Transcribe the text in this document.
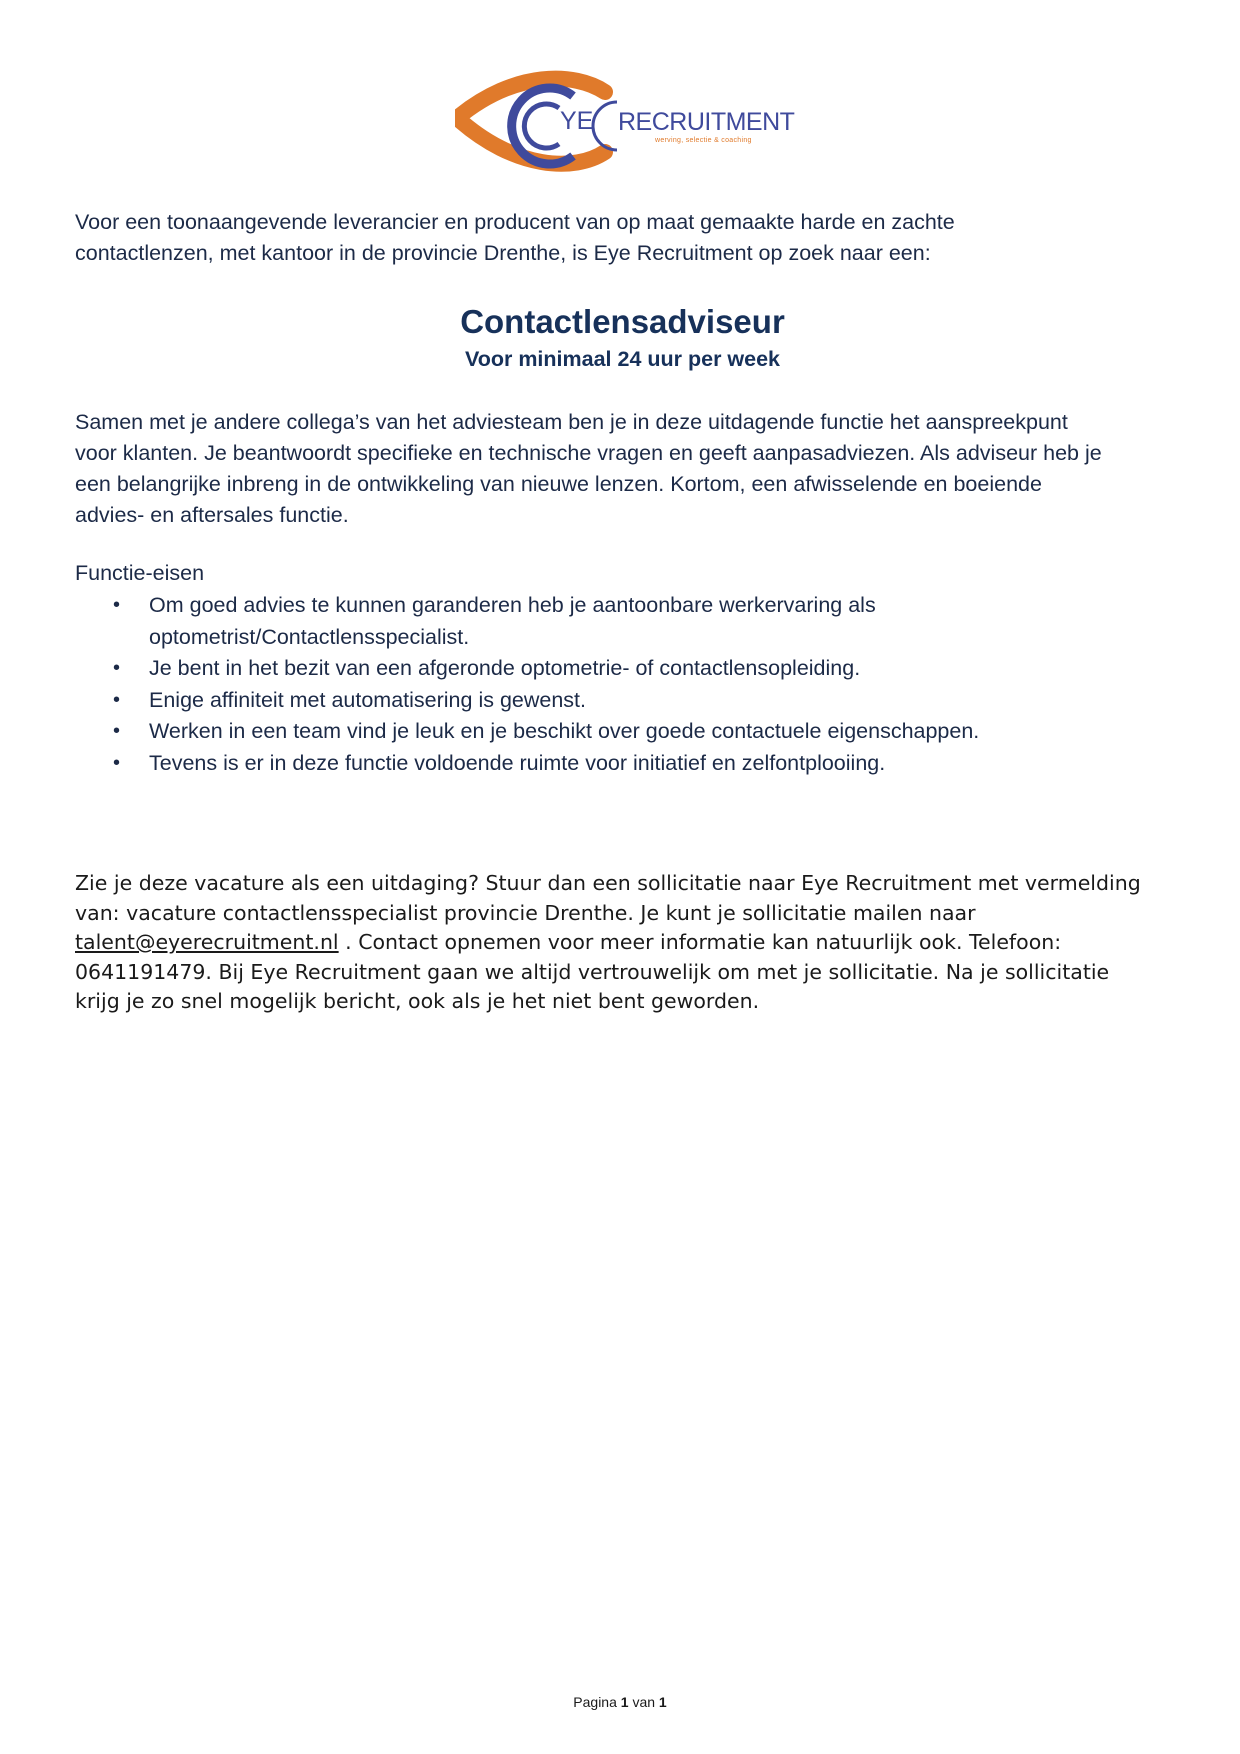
YE RECRUITMENT
werving, selectie & coaching

Voor een toonaangevende leverancier en producent van op maat gemaakte harde en zachte

contactlenzen, met kantoor in de provincie Drenthe, is Eye Recruitment op zoek naar een:

Contactlensadviseur

Voor minimaal 24 uur per week

Samen met je andere collega’s van het adviesteam ben je in deze uitdagende functie het aanspreekpunt

voor klanten. Je beantwoordt specifieke en technische vragen en geeft aanpasadviezen. Als adviseur heb je

een belangrijke inbreng in de ontwikkeling van nieuwe lenzen. Kortom, een afwisselende en boeiende

advies- en aftersales functie.

Functie-eisen

• Om goed advies te kunnen garanderen heb je aantoonbare werkervaring als

optometrist/Contactlensspecialist.

• Je bent in het bezit van een afgeronde optometrie- of contactlensopleiding.

• Enige affiniteit met automatisering is gewenst.

• Werken in een team vind je leuk en je beschikt over goede contactuele eigenschappen.

• Tevens is er in deze functie voldoende ruimte voor initiatief en zelfontplooiing.

Zie je deze vacature als een uitdaging? Stuur dan een sollicitatie naar Eye Recruitment met vermelding

van: vacature contactlensspecialist provincie Drenthe. Je kunt je sollicitatie mailen naar

talent@eyerecruitment.nl . Contact opnemen voor meer informatie kan natuurlijk ook. Telefoon:

0641191479. Bij Eye Recruitment gaan we altijd vertrouwelijk om met je sollicitatie. Na je sollicitatie

krijg je zo snel mogelijk bericht, ook als je het niet bent geworden.

Pagina 1 van 1
